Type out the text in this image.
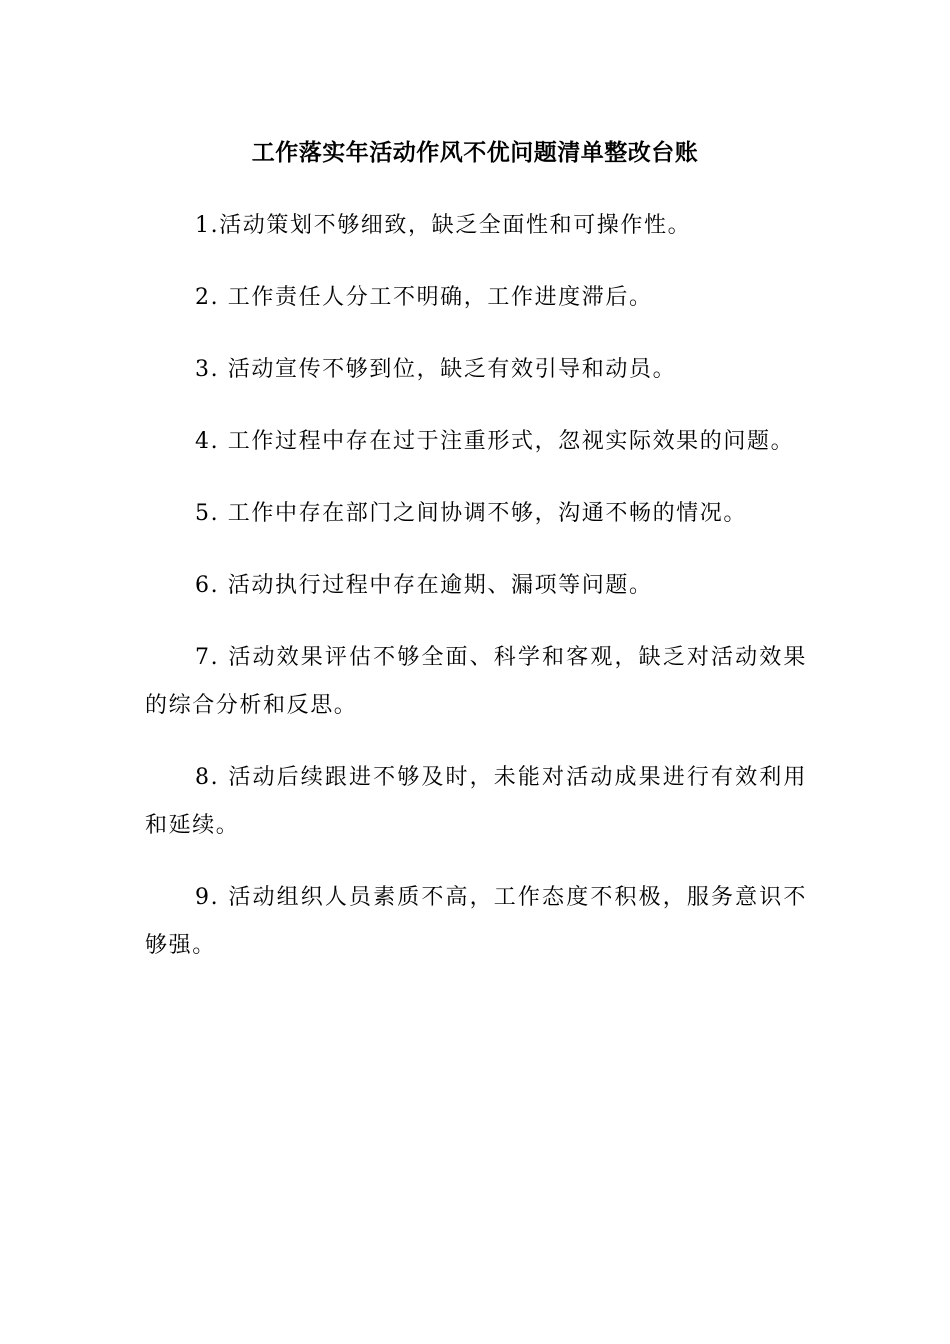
工作落实年活动作风不优问题清单整改台账

1.活动策划不够细致，缺乏全面性和可操作性。

2. 工作责任人分工不明确，工作进度滞后。

3. 活动宣传不够到位，缺乏有效引导和动员。

4. 工作过程中存在过于注重形式，忽视实际效果的问题。

5. 工作中存在部门之间协调不够，沟通不畅的情况。

6. 活动执行过程中存在逾期、漏项等问题。

7. 活动效果评估不够全面、科学和客观，缺乏对活动效果的综合分析和反思。

8. 活动后续跟进不够及时，未能对活动成果进行有效利用和延续。

9. 活动组织人员素质不高，工作态度不积极，服务意识不够强。
